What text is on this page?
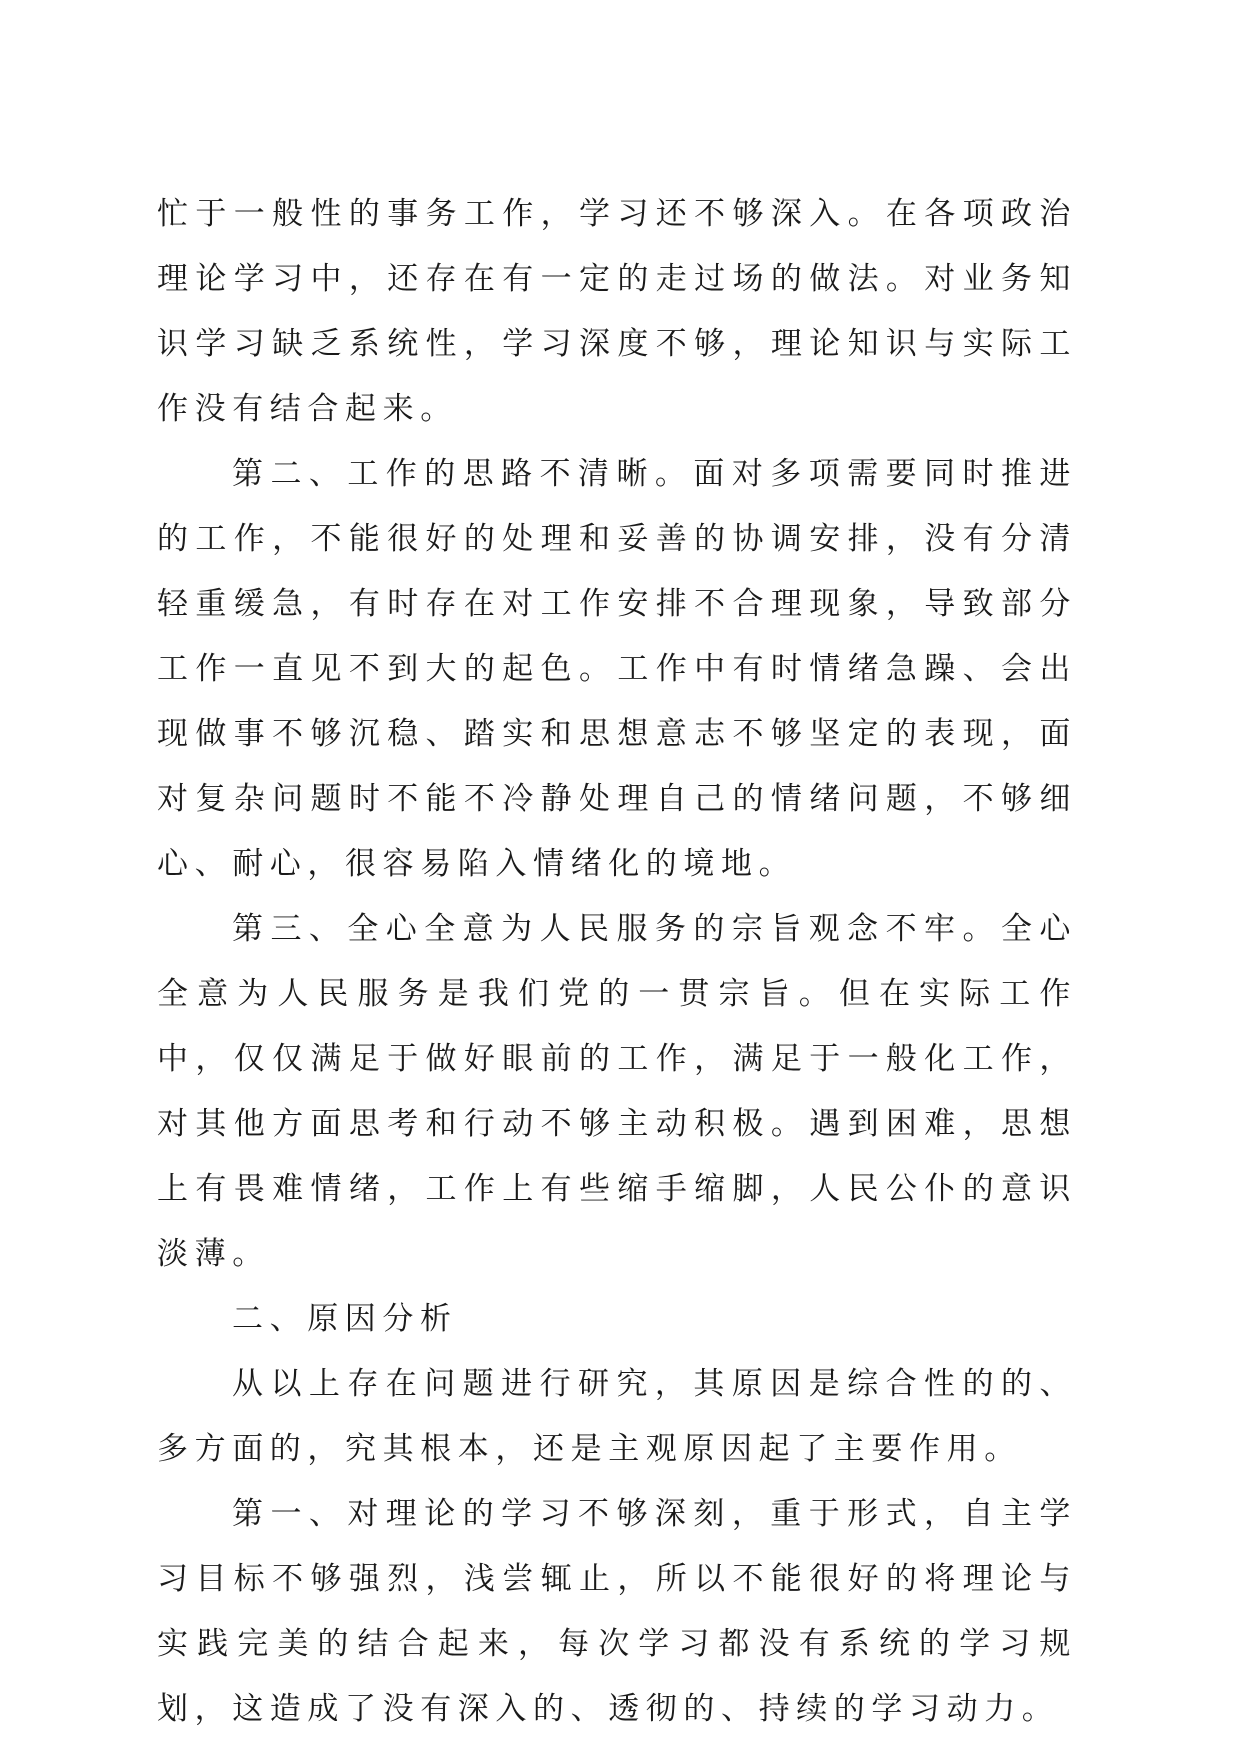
忙于一般性的事务工作，学习还不够深入。在各项政治理论学习中，还存在有一定的走过场的做法。对业务知识学习缺乏系统性，学习深度不够，理论知识与实际工作没有结合起来。

第二、工作的思路不清晰。面对多项需要同时推进的工作，不能很好的处理和妥善的协调安排，没有分清轻重缓急，有时存在对工作安排不合理现象，导致部分工作一直见不到大的起色。工作中有时情绪急躁、会出现做事不够沉稳、踏实和思想意志不够坚定的表现，面对复杂问题时不能不冷静处理自己的情绪问题，不够细心、耐心，很容易陷入情绪化的境地。

第三、全心全意为人民服务的宗旨观念不牢。全心全意为人民服务是我们党的一贯宗旨。但在实际工作中，仅仅满足于做好眼前的工作，满足于一般化工作，对其他方面思考和行动不够主动积极。遇到困难，思想上有畏难情绪，工作上有些缩手缩脚，人民公仆的意识淡薄。

二、原因分析

从以上存在问题进行研究，其原因是综合性的的、多方面的，究其根本，还是主观原因起了主要作用。

第一、对理论的学习不够深刻，重于形式，自主学习目标不够强烈，浅尝辄止，所以不能很好的将理论与实践完美的结合起来，每次学习都没有系统的学习规划，这造成了没有深入的、透彻的、持续的学习动力。
